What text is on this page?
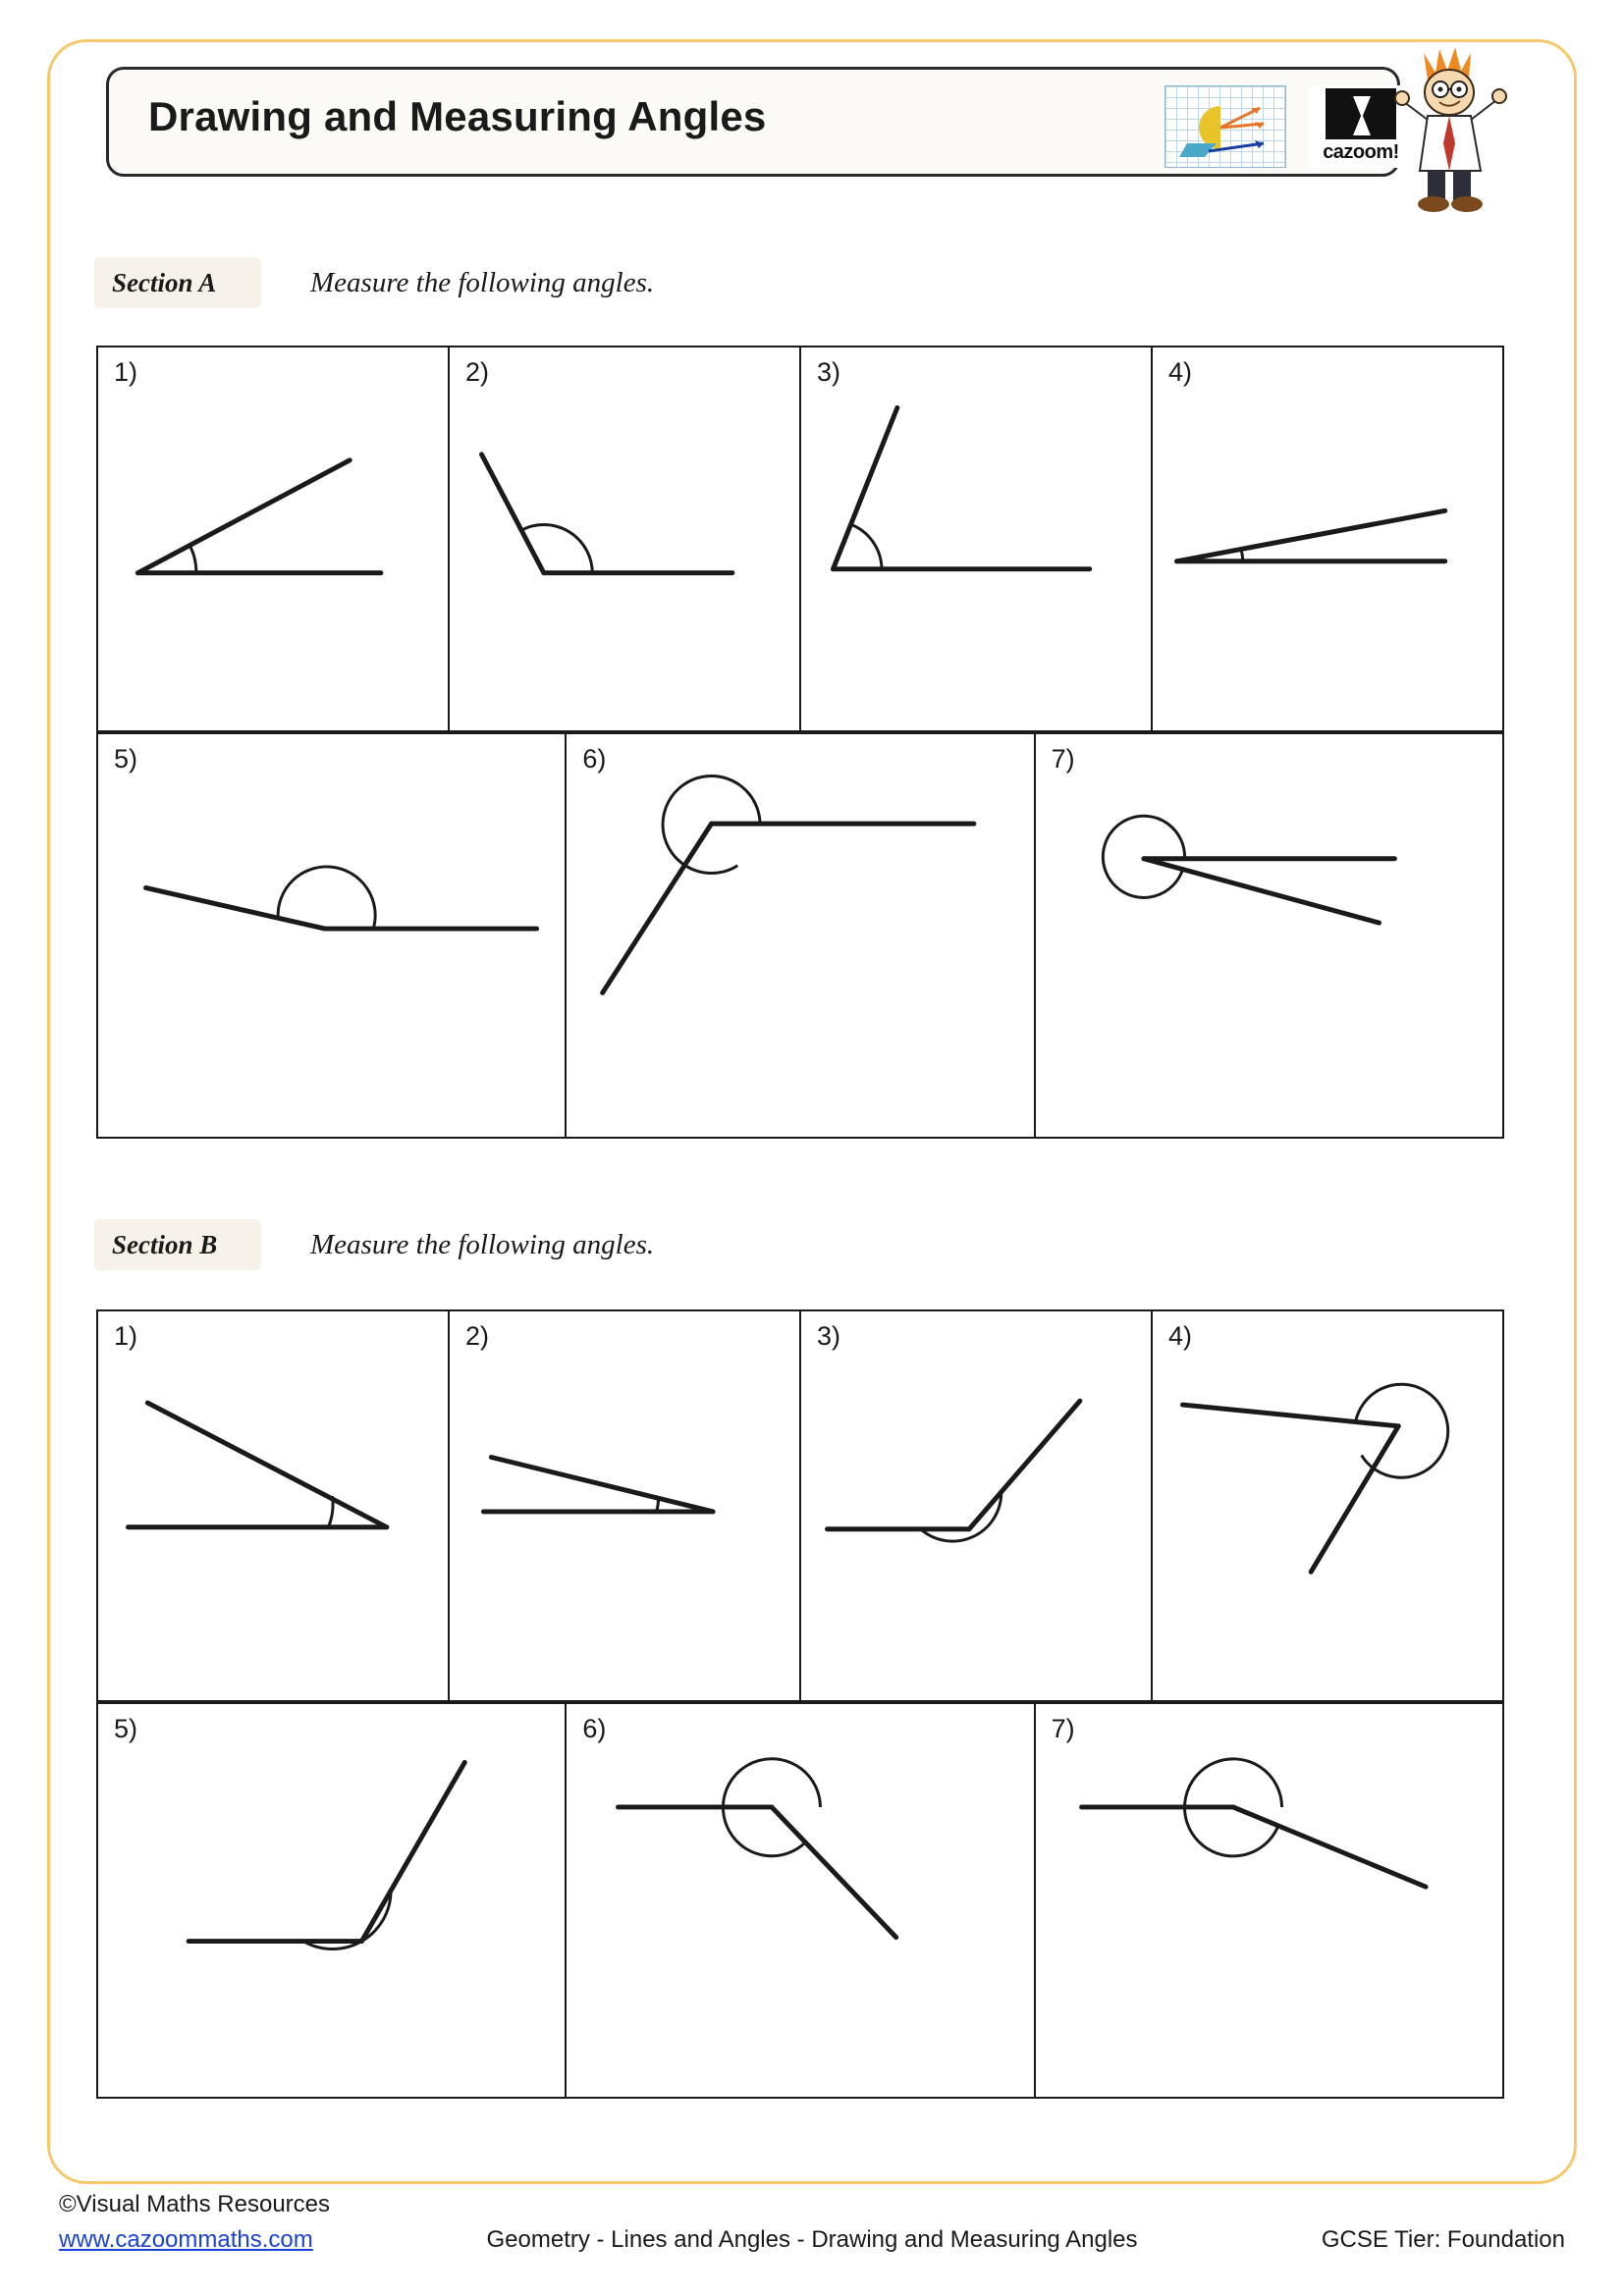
Drawing and Measuring Angles
cazoom!
Section A	Measure the following angles.
1)	2)	3)	4)
5)	6)	7)
Section B	Measure the following angles.
1)	2)	3)	4)
5)	6)	7)
©Visual Maths Resources
www.cazoommaths.com	Geometry - Lines and Angles - Drawing and Measuring Angles	GCSE Tier: Foundation
